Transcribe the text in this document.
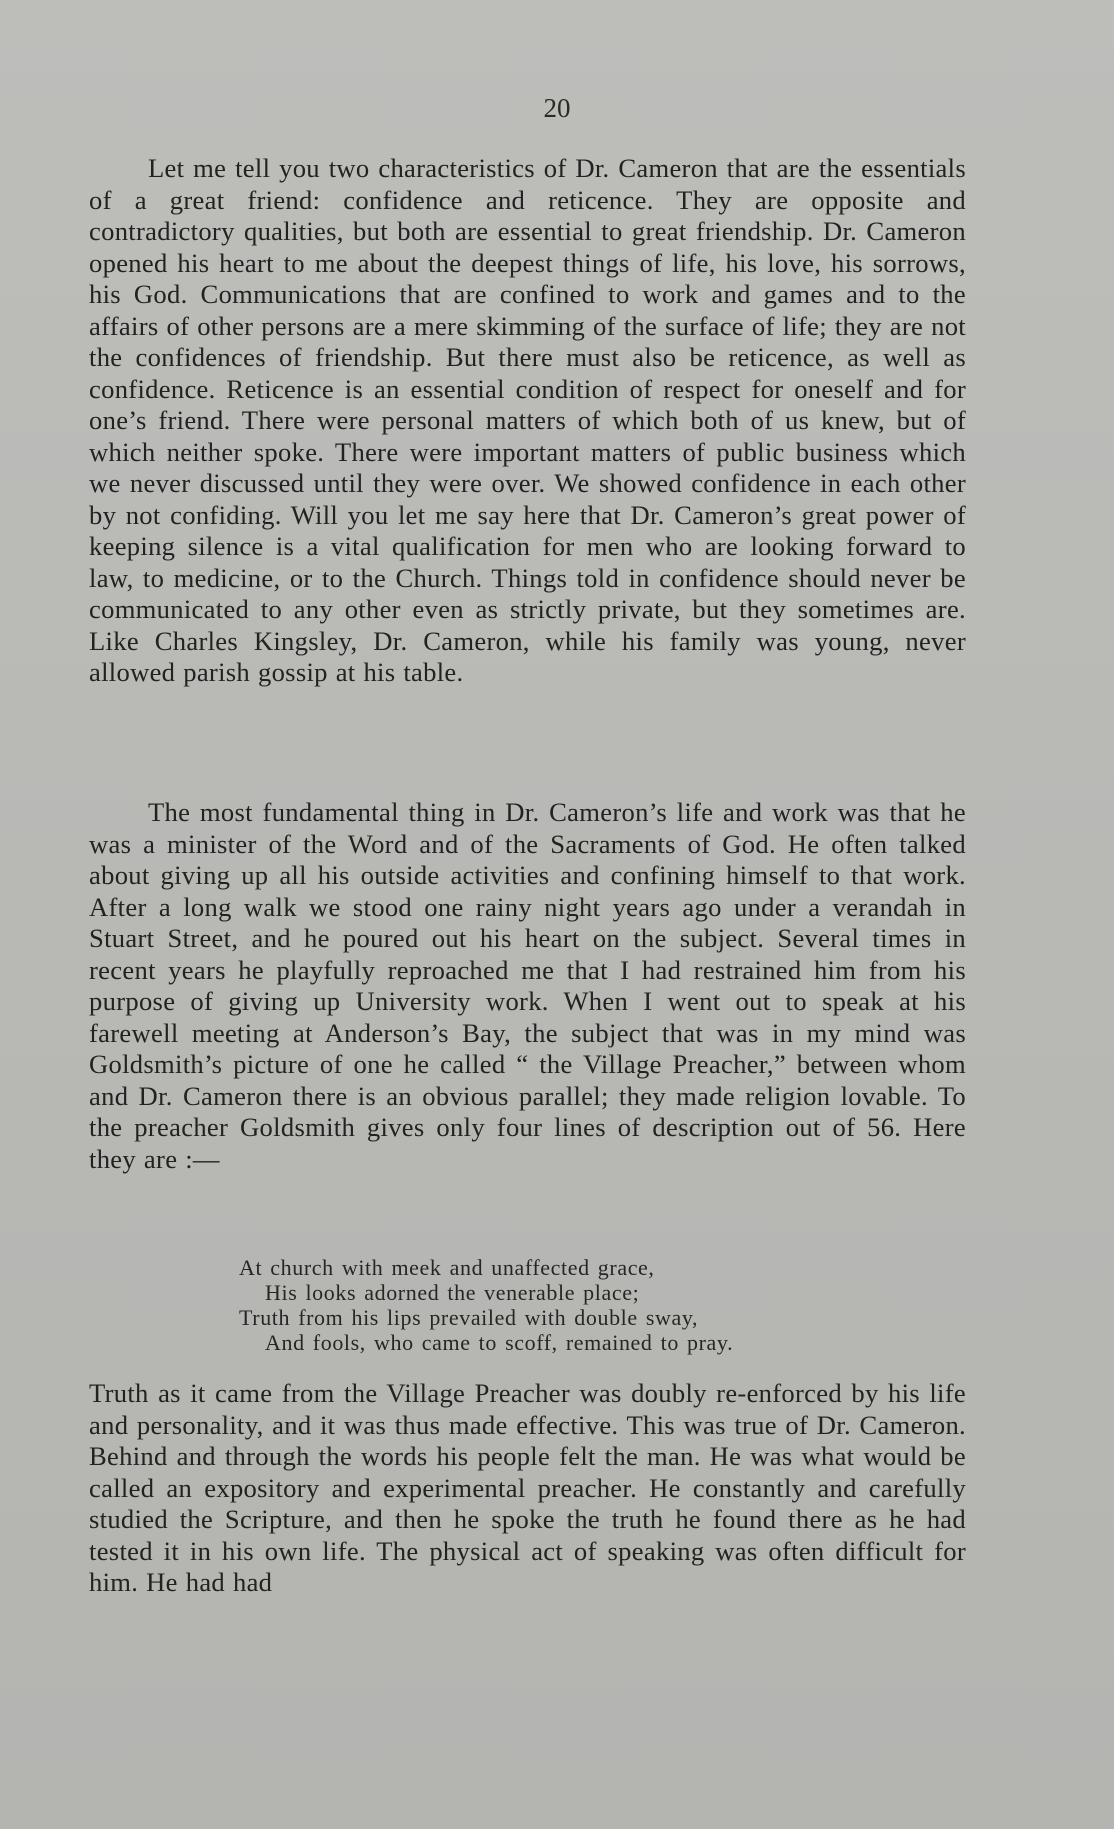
20

Let me tell you two characteristics of Dr. Cameron that are the essentials of a great friend: confidence and reticence. They are opposite and contradictory qualities, but both are essential to great friendship. Dr. Cameron opened his heart to me about the deepest things of life, his love, his sorrows, his God. Communications that are confined to work and games and to the affairs of other persons are a mere skimming of the surface of life; they are not the confidences of friendship. But there must also be reticence, as well as confidence. Reticence is an essential condition of respect for oneself and for one’s friend. There were personal matters of which both of us knew, but of which neither spoke. There were important matters of public business which we never discussed until they were over. We showed confidence in each other by not confiding. Will you let me say here that Dr. Cameron’s great power of keeping silence is a vital qualification for men who are looking forward to law, to medicine, or to the Church. Things told in confidence should never be communicated to any other even as strictly private, but they sometimes are. Like Charles Kingsley, Dr. Cameron, while his family was young, never allowed parish gossip at his table.

The most fundamental thing in Dr. Cameron’s life and work was that he was a minister of the Word and of the Sacraments of God. He often talked about giving up all his outside activities and confining himself to that work. After a long walk we stood one rainy night years ago under a verandah in Stuart Street, and he poured out his heart on the subject. Several times in recent years he playfully reproached me that I had restrained him from his purpose of giving up University work. When I went out to speak at his farewell meeting at Anderson’s Bay, the subject that was in my mind was Goldsmith’s picture of one he called “ the Village Preacher,” between whom and Dr. Cameron there is an obvious parallel; they made religion lovable. To the preacher Goldsmith gives only four lines of description out of 56. Here they are :—

At church with meek and unaffected grace,
His looks adorned the venerable place;
Truth from his lips prevailed with double sway,
And fools, who came to scoff, remained to pray.

Truth as it came from the Village Preacher was doubly re-enforced by his life and personality, and it was thus made effective. This was true of Dr. Cameron. Behind and through the words his people felt the man. He was what would be called an expository and experimental preacher. He constantly and carefully studied the Scripture, and then he spoke the truth he found there as he had tested it in his own life. The physical act of speaking was often difficult for him. He had had
